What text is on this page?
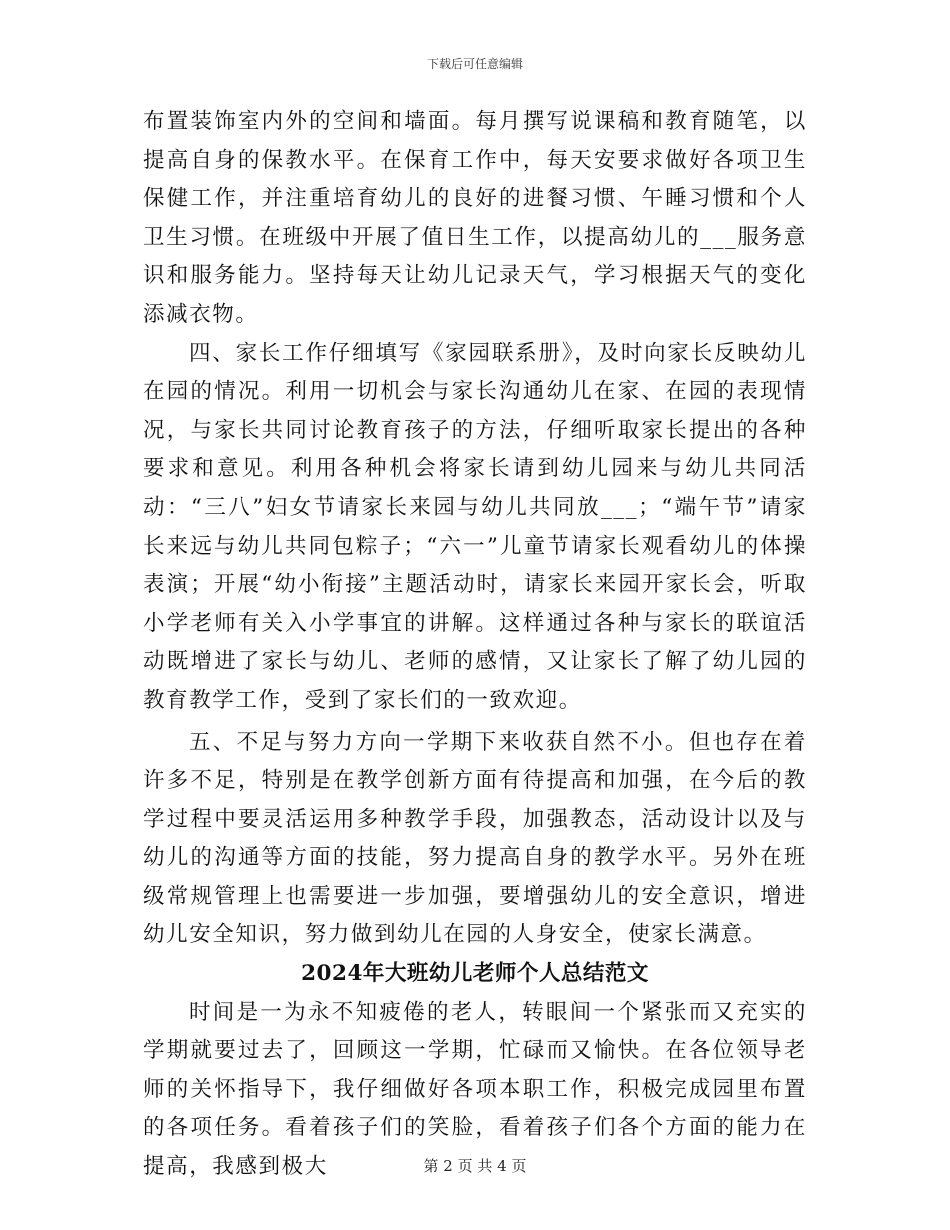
下载后可任意编辑

布置装饰室内外的空间和墙面。每月撰写说课稿和教育随笔，以提高自身的保教水平。在保育工作中，每天安要求做好各项卫生保健工作，并注重培育幼儿的良好的进餐习惯、午睡习惯和个人卫生习惯。在班级中开展了值日生工作，以提高幼儿的___服务意识和服务能力。坚持每天让幼儿记录天气，学习根据天气的变化添减衣物。

四、家长工作仔细填写《家园联系册》，及时向家长反映幼儿在园的情况。利用一切机会与家长沟通幼儿在家、在园的表现情况，与家长共同讨论教育孩子的方法，仔细听取家长提出的各种要求和意见。利用各种机会将家长请到幼儿园来与幼儿共同活动：“三八”妇女节请家长来园与幼儿共同放___；“端午节”请家长来远与幼儿共同包粽子；“六一”儿童节请家长观看幼儿的体操表演；开展“幼小衔接”主题活动时，请家长来园开家长会，听取小学老师有关入小学事宜的讲解。这样通过各种与家长的联谊活动既增进了家长与幼儿、老师的感情，又让家长了解了幼儿园的教育教学工作，受到了家长们的一致欢迎。

五、不足与努力方向一学期下来收获自然不小。但也存在着许多不足，特别是在教学创新方面有待提高和加强，在今后的教学过程中要灵活运用多种教学手段，加强教态，活动设计以及与幼儿的沟通等方面的技能，努力提高自身的教学水平。另外在班级常规管理上也需要进一步加强，要增强幼儿的安全意识，增进幼儿安全知识，努力做到幼儿在园的人身安全，使家长满意。

2024年大班幼儿老师个人总结范文

时间是一为永不知疲倦的老人，转眼间一个紧张而又充实的学期就要过去了，回顾这一学期，忙碌而又愉快。在各位领导老师的关怀指导下，我仔细做好各项本职工作，积极完成园里布置的各项任务。看着孩子们的笑脸，看着孩子们各个方面的能力在提高，我感到极大	第 2 页 共 4 页
